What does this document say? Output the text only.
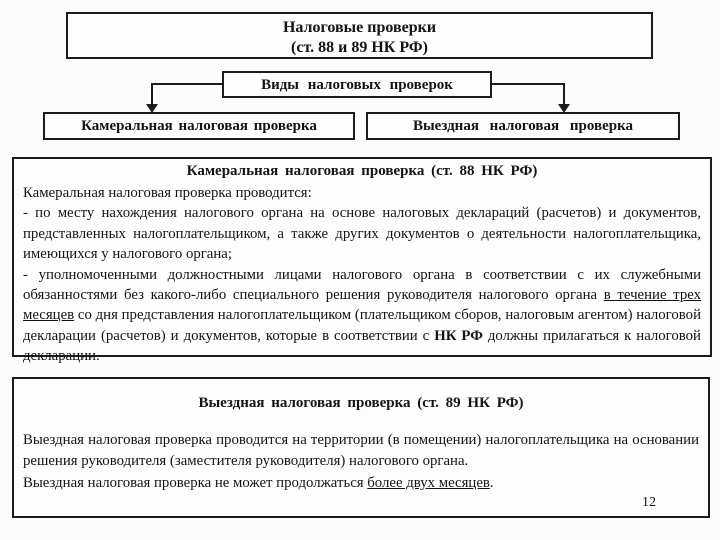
Налоговые проверки
(ст. 88 и 89 НК РФ)
Виды налоговых проверок
Камеральная налоговая проверка	Выездная налоговая проверка
Камеральная налоговая проверка (ст. 88 НК РФ)

Камеральная налоговая проверка проводится:

- по месту нахождения налогового органа на основе налоговых деклараций (расчетов) и документов, представленных налогоплательщиком, а также других документов о деятельности налогоплательщика, имеющихся у налогового органа;

- уполномоченными должностными лицами налогового органа в соответствии с их служебными обязанностями без какого-либо специального решения руководителя налогового органа в течение трех месяцев со дня представления налогоплательщиком (плательщиком сборов, налоговым агентом) налоговой декларации (расчетов) и документов, которые в соответствии с НК РФ должны прилагаться к налоговой декларации.

Выездная налоговая проверка (ст. 89 НК РФ)

Выездная налоговая проверка проводится на территории (в помещении) налогоплательщика на основании решения руководителя (заместителя руководителя) налогового органа.

Выездная налоговая проверка не может продолжаться более двух месяцев.

12
